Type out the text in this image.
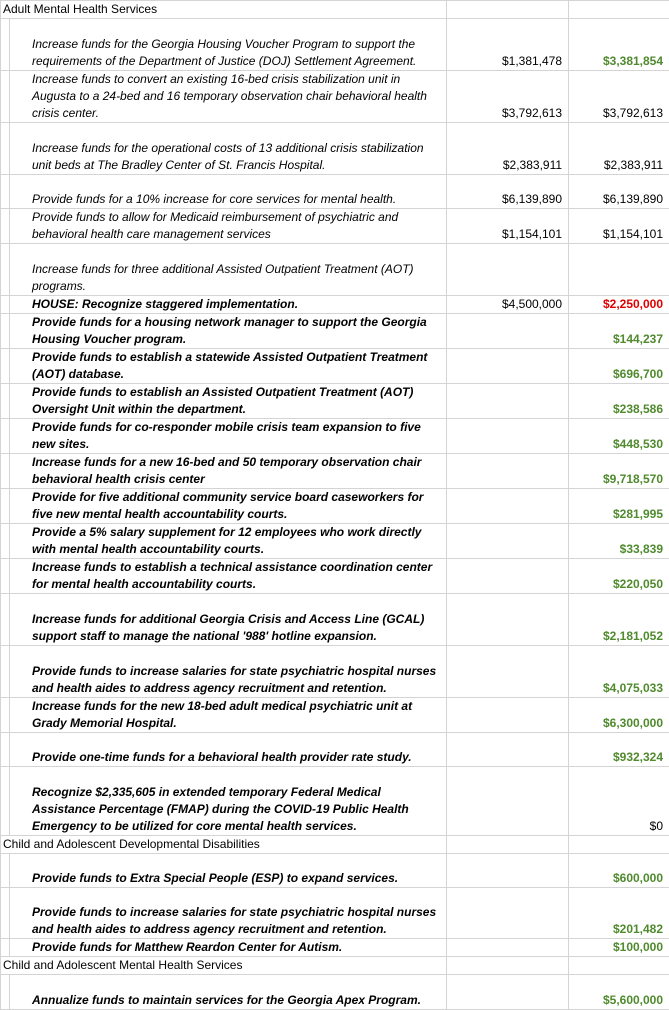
Adult Mental Health Services			
	Increase funds for the Georgia Housing Voucher Program to support the requirements of the Department of Justice (DOJ) Settlement Agreement.	$1,381,478	$3,381,854
	Increase funds to convert an existing 16-bed crisis stabilization unit in Augusta to a 24-bed and 16 temporary observation chair behavioral health crisis center.	$3,792,613	$3,792,613
	Increase funds for the operational costs of 13 additional crisis stabilization unit beds at The Bradley Center of St. Francis Hospital.	$2,383,911	$2,383,911
	Provide funds for a 10% increase for core services for mental health.	$6,139,890	$6,139,890
	Provide funds to allow for Medicaid reimbursement of psychiatric and behavioral health care management services	$1,154,101	$1,154,101
	Increase funds for three additional Assisted Outpatient Treatment (AOT) programs.		
	HOUSE: Recognize staggered implementation.	$4,500,000	$2,250,000
	Provide funds for a housing network manager to support the Georgia Housing Voucher program.		$144,237
	Provide funds to establish a statewide Assisted Outpatient Treatment (AOT) database.		$696,700
	Provide funds to establish an Assisted Outpatient Treatment (AOT) Oversight Unit within the department.		$238,586
	Provide funds for co-responder mobile crisis team expansion to five new sites.		$448,530
	Increase funds for a new 16-bed and 50 temporary observation chair behavioral health crisis center		$9,718,570
	Provide for five additional community service board caseworkers for five new mental health accountability courts.		$281,995
	Provide a 5% salary supplement for 12 employees who work directly with mental health accountability courts.		$33,839
	Increase funds to establish a technical assistance coordination center for mental health accountability courts.		$220,050
	Increase funds for additional Georgia Crisis and Access Line (GCAL) support staff to manage the national '988' hotline expansion.		$2,181,052
	Provide funds to increase salaries for state psychiatric hospital nurses and health aides to address agency recruitment and retention.		$4,075,033
	Increase funds for the new 18-bed adult medical psychiatric unit at Grady Memorial Hospital.		$6,300,000
	Provide one-time funds for a behavioral health provider rate study.		$932,324
	Recognize $2,335,605 in extended temporary Federal Medical Assistance Percentage (FMAP) during the COVID-19 Public Health Emergency to be utilized for core mental health services.		$0
Child and Adolescent Developmental Disabilities			
	Provide funds to Extra Special People (ESP) to expand services.		$600,000
	Provide funds to increase salaries for state psychiatric hospital nurses and health aides to address agency recruitment and retention.		$201,482
	Provide funds for Matthew Reardon Center for Autism.		$100,000
Child and Adolescent Mental Health Services			
	Annualize funds to maintain services for the Georgia Apex Program.		$5,600,000
